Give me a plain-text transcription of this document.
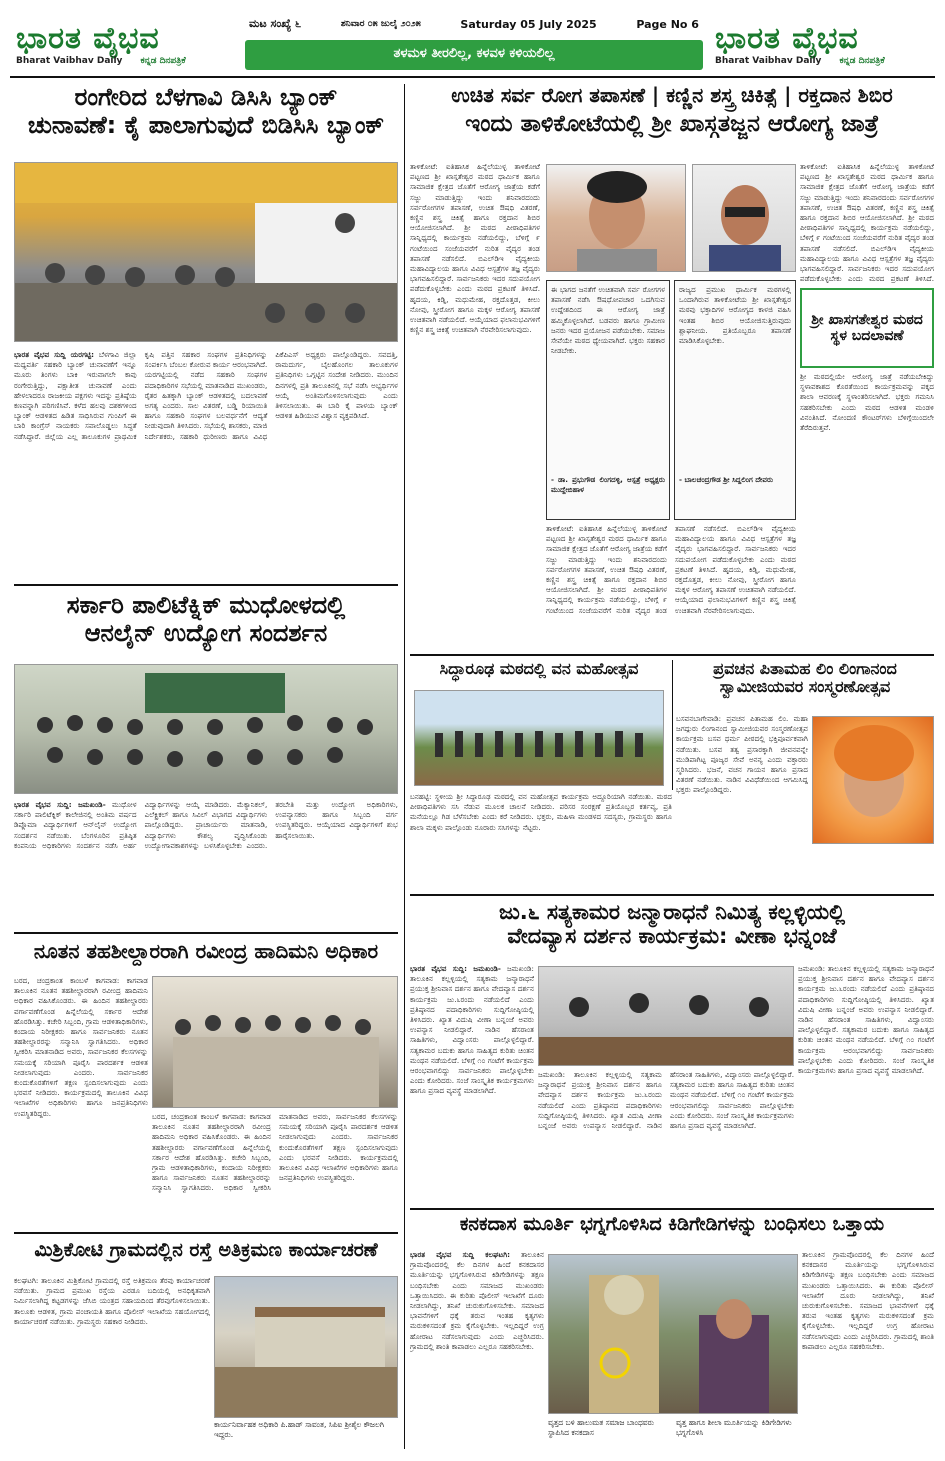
ಭಾರತ ವೈಭವ
Bharat Vaibhav Daily ಕನ್ನಡ ದಿನಪತ್ರಿಕೆ
ಮಟ ಸಂಖ್ಯೆ ೬	ಶನಿವಾರ ೦೫ ಜುಲೈ ೨೦೨೫	Saturday 05 July 2025	Page No 6
ತಳಮಳ ತೀರಲಿಲ್ಲ, ಕಳವಳ ಕಳಿಯಲಿಲ್ಲ	ಭಾರತ ವೈಭವ
Bharat Vaibhav Daily ಕನ್ನಡ ದಿನಪತ್ರಿಕೆ
ರಂಗೇರಿದ ಬೆಳಗಾವಿ ಡಿಸಿಸಿ ಬ್ಯಾಂಕ್
ಚುನಾವಣೆ: ಕೈ ಪಾಲಾಗುವುದೆ ಬಿಡಿಸಿಸಿ ಬ್ಯಾಂಕ್
ಭಾರತ ವೈಭವ ಸುದ್ದಿ ಯರಗಟ್ಟಿ: ಬೆಳಗಾವಿ ಜಿಲ್ಲಾ ಮಧ್ಯವರ್ತಿ ಸಹಕಾರಿ ಬ್ಯಾಂಕ್ ಚುನಾವಣೆಗೆ ಇನ್ನೂ ಮೂರು ತಿಂಗಳು ಬಾಕಿ ಇರುವಾಗಲೇ ಕಾವು ರಂಗೇರುತ್ತಿದ್ದು, ಪಕ್ಷಾತೀತ ಚುನಾವಣೆ ಎಂದು ಹೇಳಲಾದರೂ ರಾಜಕೀಯ ಪಕ್ಷಗಳು ಇದನ್ನು ಪ್ರತಿಷ್ಠೆಯ ಕಣವನ್ನಾಗಿ ಪರಿಗಣಿಸಿವೆ. ಕಳೆದ ಹಲವು ದಶಕಗಳಿಂದ ಬ್ಯಾಂಕ್ ಆಡಳಿತದ ಹಿಡಿತ ಸಾಧಿಸಿರುವ ಗುಂಪಿಗೆ ಈ ಬಾರಿ ಕಾಂಗ್ರೆಸ್ ನಾಯಕರು ಸವಾಲೊಡ್ಡಲು ಸಿದ್ಧತೆ ನಡೆಸಿದ್ದಾರೆ. ಜಿಲ್ಲೆಯ ಎಲ್ಲ ತಾಲೂಕುಗಳ ಪ್ರಾಥಮಿಕ ಕೃಷಿ ಪತ್ತಿನ ಸಹಕಾರ ಸಂಘಗಳ ಪ್ರತಿನಿಧಿಗಳನ್ನು ಸಂಪರ್ಕಿಸಿ ಬೆಂಬಲ ಕೋರುವ ಕಾರ್ಯ ಆರಂಭವಾಗಿದೆ. ಯರಗಟ್ಟಿಯಲ್ಲಿ ನಡೆದ ಸಹಕಾರಿ ಸಂಘಗಳ ಪದಾಧಿಕಾರಿಗಳ ಸಭೆಯಲ್ಲಿ ಮಾತನಾಡಿದ ಮುಖಂಡರು, ರೈತರ ಹಿತಕ್ಕಾಗಿ ಬ್ಯಾಂಕ್ ಆಡಳಿತದಲ್ಲಿ ಬದಲಾವಣೆ ಅಗತ್ಯ ಎಂದರು. ಸಾಲ ವಿತರಣೆ, ಬಡ್ಡಿ ರಿಯಾಯಿತಿ ಹಾಗೂ ಸಹಕಾರಿ ಸಂಘಗಳ ಬಲವರ್ಧನೆಗೆ ಆದ್ಯತೆ ನೀಡುವುದಾಗಿ ತಿಳಿಸಿದರು. ಸಭೆಯಲ್ಲಿ ಶಾಸಕರು, ಮಾಜಿ ನಿರ್ದೇಶಕರು, ಸಹಕಾರಿ ಧುರೀಣರು ಹಾಗೂ ವಿವಿಧ ಪಿಕೆಪಿಎಸ್ ಅಧ್ಯಕ್ಷರು ಪಾಲ್ಗೊಂಡಿದ್ದರು. ಸವದತ್ತಿ, ರಾಮದುರ್ಗ, ಬೈಲಹೊಂಗಲ ತಾಲೂಕುಗಳ ಪ್ರತಿನಿಧಿಗಳು ಒಗ್ಗಟ್ಟಿನ ಸಂದೇಶ ನೀಡಿದರು. ಮುಂದಿನ ದಿನಗಳಲ್ಲಿ ಪ್ರತಿ ತಾಲೂಕಿನಲ್ಲಿ ಸಭೆ ನಡೆಸಿ ಅಭ್ಯರ್ಥಿಗಳ ಆಯ್ಕೆ ಅಂತಿಮಗೊಳಿಸಲಾಗುವುದು ಎಂದು ತಿಳಿಸಲಾಯಿತು. ಈ ಬಾರಿ ಕೈ ಪಾಳಯ ಬ್ಯಾಂಕ್ ಆಡಳಿತ ಹಿಡಿಯುವ ವಿಶ್ವಾಸ ವ್ಯಕ್ತಪಡಿಸಿದೆ.
ಸರ್ಕಾರಿ ಪಾಲಿಟೆಕ್ನಿಕ್ ಮುಧೋಳದಲ್ಲಿ
ಆನಲೈನ್ ಉದ್ಯೋಗ ಸಂದರ್ಶನ
ಭಾರತ ವೈಭವ ಸುದ್ದಿ: ಜಮಖಂಡಿ- ಮುಧೋಳ ಸರ್ಕಾರಿ ಪಾಲಿಟೆಕ್ನಿಕ್ ಕಾಲೇಜಿನಲ್ಲಿ ಅಂತಿಮ ವರ್ಷದ ಡಿಪ್ಲೊಮಾ ವಿದ್ಯಾರ್ಥಿಗಳಿಗೆ ಆನ್‌ಲೈನ್ ಉದ್ಯೋಗ ಸಂದರ್ಶನ ನಡೆಯಿತು. ಬೆಂಗಳೂರಿನ ಪ್ರತಿಷ್ಠಿತ ಕಂಪನಿಯ ಅಧಿಕಾರಿಗಳು ಸಂದರ್ಶನ ನಡೆಸಿ ಅರ್ಹ ವಿದ್ಯಾರ್ಥಿಗಳನ್ನು ಆಯ್ಕೆ ಮಾಡಿದರು. ಮೆಕ್ಯಾನಿಕಲ್, ಎಲೆಕ್ಟ್ರಿಕಲ್ ಹಾಗೂ ಸಿವಿಲ್ ವಿಭಾಗದ ವಿದ್ಯಾರ್ಥಿಗಳು ಪಾಲ್ಗೊಂಡಿದ್ದರು. ಪ್ರಾಚಾರ್ಯರು ಮಾತನಾಡಿ, ವಿದ್ಯಾರ್ಥಿಗಳು ಕೌಶಲ್ಯ ವೃದ್ಧಿಸಿಕೊಂಡು ಉದ್ಯೋಗಾವಕಾಶಗಳನ್ನು ಬಳಸಿಕೊಳ್ಳಬೇಕು ಎಂದರು. ತರಬೇತಿ ಮತ್ತು ಉದ್ಯೋಗ ಅಧಿಕಾರಿಗಳು, ಉಪನ್ಯಾಸಕರು ಹಾಗೂ ಸಿಬ್ಬಂದಿ ವರ್ಗ ಉಪಸ್ಥಿತರಿದ್ದರು. ಆಯ್ಕೆಯಾದ ವಿದ್ಯಾರ್ಥಿಗಳಿಗೆ ಶುಭ ಹಾರೈಸಲಾಯಿತು.
ನೂತನ ತಹಶೀಲ್ದಾರರಾಗಿ ರವೀಂದ್ರ ಹಾದಿಮನಿ ಅಧಿಕಾರ
ಬರದ, ಚಂದ್ರಕಾಂತ ಕಾಂಬಳೆ ಕಾಗವಾಡ: ಕಾಗವಾಡ ತಾಲೂಕಿನ ನೂತನ ತಹಶೀಲ್ದಾರರಾಗಿ ರವೀಂದ್ರ ಹಾದಿಮನಿ ಅಧಿಕಾರ ವಹಿಸಿಕೊಂಡರು. ಈ ಹಿಂದಿನ ತಹಶೀಲ್ದಾರರು ವರ್ಗಾವಣೆಗೊಂಡ ಹಿನ್ನೆಲೆಯಲ್ಲಿ ಸರ್ಕಾರ ಆದೇಶ ಹೊರಡಿಸಿತ್ತು. ಕಚೇರಿ ಸಿಬ್ಬಂದಿ, ಗ್ರಾಮ ಆಡಳಿತಾಧಿಕಾರಿಗಳು, ಕಂದಾಯ ನಿರೀಕ್ಷಕರು ಹಾಗೂ ಸಾರ್ವಜನಿಕರು ನೂತನ ತಹಶೀಲ್ದಾರರನ್ನು ಸನ್ಮಾನಿಸಿ ಸ್ವಾಗತಿಸಿದರು. ಅಧಿಕಾರ ಸ್ವೀಕರಿಸಿ ಮಾತನಾಡಿದ ಅವರು, ಸಾರ್ವಜನಿಕರ ಕೆಲಸಗಳನ್ನು ಸಮಯಕ್ಕೆ ಸರಿಯಾಗಿ ಪೂರೈಸಿ ಪಾರದರ್ಶಕ ಆಡಳಿತ ನೀಡಲಾಗುವುದು ಎಂದರು. ಸಾರ್ವಜನಿಕರ ಕುಂದುಕೊರತೆಗಳಿಗೆ ತಕ್ಷಣ ಸ್ಪಂದಿಸಲಾಗುವುದು ಎಂದು ಭರವಸೆ ನೀಡಿದರು. ಕಾರ್ಯಕ್ರಮದಲ್ಲಿ ತಾಲೂಕಿನ ವಿವಿಧ ಇಲಾಖೆಗಳ ಅಧಿಕಾರಿಗಳು ಹಾಗೂ ಜನಪ್ರತಿನಿಧಿಗಳು ಉಪಸ್ಥಿತರಿದ್ದರು.	ಬರದ, ಚಂದ್ರಕಾಂತ ಕಾಂಬಳೆ ಕಾಗವಾಡ: ಕಾಗವಾಡ ತಾಲೂಕಿನ ನೂತನ ತಹಶೀಲ್ದಾರರಾಗಿ ರವೀಂದ್ರ ಹಾದಿಮನಿ ಅಧಿಕಾರ ವಹಿಸಿಕೊಂಡರು. ಈ ಹಿಂದಿನ ತಹಶೀಲ್ದಾರರು ವರ್ಗಾವಣೆಗೊಂಡ ಹಿನ್ನೆಲೆಯಲ್ಲಿ ಸರ್ಕಾರ ಆದೇಶ ಹೊರಡಿಸಿತ್ತು. ಕಚೇರಿ ಸಿಬ್ಬಂದಿ, ಗ್ರಾಮ ಆಡಳಿತಾಧಿಕಾರಿಗಳು, ಕಂದಾಯ ನಿರೀಕ್ಷಕರು ಹಾಗೂ ಸಾರ್ವಜನಿಕರು ನೂತನ ತಹಶೀಲ್ದಾರರನ್ನು ಸನ್ಮಾನಿಸಿ ಸ್ವಾಗತಿಸಿದರು. ಅಧಿಕಾರ ಸ್ವೀಕರಿಸಿ ಮಾತನಾಡಿದ ಅವರು, ಸಾರ್ವಜನಿಕರ ಕೆಲಸಗಳನ್ನು ಸಮಯಕ್ಕೆ ಸರಿಯಾಗಿ ಪೂರೈಸಿ ಪಾರದರ್ಶಕ ಆಡಳಿತ ನೀಡಲಾಗುವುದು ಎಂದರು. ಸಾರ್ವಜನಿಕರ ಕುಂದುಕೊರತೆಗಳಿಗೆ ತಕ್ಷಣ ಸ್ಪಂದಿಸಲಾಗುವುದು ಎಂದು ಭರವಸೆ ನೀಡಿದರು. ಕಾರ್ಯಕ್ರಮದಲ್ಲಿ ತಾಲೂಕಿನ ವಿವಿಧ ಇಲಾಖೆಗಳ ಅಧಿಕಾರಿಗಳು ಹಾಗೂ ಜನಪ್ರತಿನಿಧಿಗಳು ಉಪಸ್ಥಿತರಿದ್ದರು.
ಮಿಶ್ರಿಕೋಟಿ ಗ್ರಾಮದಲ್ಲಿನ ರಸ್ತೆ ಅತಿಕ್ರಮಣ ಕಾರ್ಯಾಚರಣೆ
ಕಲಘಟಗಿ: ತಾಲೂಕಿನ ಮಿಶ್ರಿಕೋಟಿ ಗ್ರಾಮದಲ್ಲಿ ರಸ್ತೆ ಅತಿಕ್ರಮಣ ತೆರವು ಕಾರ್ಯಾಚರಣೆ ನಡೆಯಿತು. ಗ್ರಾಮದ ಪ್ರಮುಖ ರಸ್ತೆಯ ಎರಡೂ ಬದಿಯಲ್ಲಿ ಅನಧಿಕೃತವಾಗಿ ನಿರ್ಮಿಸಲಾಗಿದ್ದ ಕಟ್ಟಡಗಳನ್ನು ಜೆಸಿಬಿ ಯಂತ್ರದ ಸಹಾಯದಿಂದ ತೆರವುಗೊಳಿಸಲಾಯಿತು. ತಾಲೂಕು ಆಡಳಿತ, ಗ್ರಾಮ ಪಂಚಾಯತಿ ಹಾಗೂ ಪೊಲೀಸ್ ಇಲಾಖೆಯ ಸಹಯೋಗದಲ್ಲಿ ಕಾರ್ಯಾಚರಣೆ ನಡೆಯಿತು. ಗ್ರಾಮಸ್ಥರು ಸಹಕಾರ ನೀಡಿದರು.
ಕಾರ್ಯನಿರ್ವಾಹಕ ಅಧಿಕಾರಿ ಪಿ.ಹಾಡ್ ಸಾವಂತ, ಸಿಪಿಐ ಶ್ರೀಶೈಲ ಕೌಜಲಗಿ ಇದ್ದರು.
ಉಚಿತ ಸರ್ವ ರೋಗ ತಪಾಸಣೆ | ಕಣ್ಣಿನ ಶಸ್ತ್ರ ಚಿಕಿತ್ಸೆ | ರಕ್ತದಾನ ಶಿಬಿರ
ಇಂದು ತಾಳಿಕೋಟೆಯಲ್ಲಿ ಶ್ರೀ ಖಾಸ್ಗತಜ್ಜನ ಆರೋಗ್ಯ ಜಾತ್ರೆ
ತಾಳಿಕೋಟೆ: ಐತಿಹಾಸಿಕ ಹಿನ್ನೆಲೆಯುಳ್ಳ ತಾಳಿಕೋಟೆ ಪಟ್ಟಣದ ಶ್ರೀ ಖಾಸ್ಗತೇಶ್ವರ ಮಠದ ಧಾರ್ಮಿಕ ಹಾಗೂ ಸಾಮಾಜಿಕ ಕ್ಷೇತ್ರದ ಜೊತೆಗೆ ಆರೋಗ್ಯ ಜಾತ್ರೆಯ ಕಡೆಗೆ ಸಜ್ಜು ಮಾಡುತ್ತಿದ್ದು ಇಂದು ಶನಿವಾರದಂದು ಸರ್ವರೋಗಗಳ ತಪಾಸಣೆ, ಉಚಿತ ಔಷಧಿ ವಿತರಣೆ, ಕಣ್ಣಿನ ಶಸ್ತ್ರ ಚಿಕಿತ್ಸೆ ಹಾಗೂ ರಕ್ತದಾನ ಶಿಬಿರ ಆಯೋಜಿಸಲಾಗಿದೆ. ಶ್ರೀ ಮಠದ ಪೀಠಾಧಿಪತಿಗಳ ಸಾನ್ನಿಧ್ಯದಲ್ಲಿ ಕಾರ್ಯಕ್ರಮ ನಡೆಯಲಿದ್ದು, ಬೆಳಿಗ್ಗೆ ೯ ಗಂಟೆಯಿಂದ ಸಂಜೆಯವರೆಗೆ ನುರಿತ ವೈದ್ಯರ ತಂಡ ತಪಾಸಣೆ ನಡೆಸಲಿದೆ. ಬಿಎಲ್‌ಡಿಇ ವೈದ್ಯಕೀಯ ಮಹಾವಿದ್ಯಾಲಯ ಹಾಗೂ ವಿವಿಧ ಆಸ್ಪತ್ರೆಗಳ ತಜ್ಞ ವೈದ್ಯರು ಭಾಗವಹಿಸಲಿದ್ದಾರೆ. ಸಾರ್ವಜನಿಕರು ಇದರ ಸದುಪಯೋಗ ಪಡೆದುಕೊಳ್ಳಬೇಕು ಎಂದು ಮಠದ ಪ್ರಕಟಣೆ ತಿಳಿಸಿದೆ. ಹೃದಯ, ಕಿಡ್ನಿ, ಮಧುಮೇಹ, ರಕ್ತದೊತ್ತಡ, ಕೀಲು ನೋವು, ಸ್ತ್ರೀರೋಗ ಹಾಗೂ ಮಕ್ಕಳ ಆರೋಗ್ಯ ತಪಾಸಣೆ ಉಚಿತವಾಗಿ ನಡೆಯಲಿದೆ. ಆಯ್ಕೆಯಾದ ಫಲಾನುಭವಿಗಳಿಗೆ ಕಣ್ಣಿನ ಶಸ್ತ್ರ ಚಿಕಿತ್ಸೆ ಉಚಿತವಾಗಿ ನೆರವೇರಿಸಲಾಗುವುದು.
ತಾಳಿಕೋಟೆ: ಐತಿಹಾಸಿಕ ಹಿನ್ನೆಲೆಯುಳ್ಳ ತಾಳಿಕೋಟೆ ಪಟ್ಟಣದ ಶ್ರೀ ಖಾಸ್ಗತೇಶ್ವರ ಮಠದ ಧಾರ್ಮಿಕ ಹಾಗೂ ಸಾಮಾಜಿಕ ಕ್ಷೇತ್ರದ ಜೊತೆಗೆ ಆರೋಗ್ಯ ಜಾತ್ರೆಯ ಕಡೆಗೆ ಸಜ್ಜು ಮಾಡುತ್ತಿದ್ದು ಇಂದು ಶನಿವಾರದಂದು ಸರ್ವರೋಗಗಳ ತಪಾಸಣೆ, ಉಚಿತ ಔಷಧಿ ವಿತರಣೆ, ಕಣ್ಣಿನ ಶಸ್ತ್ರ ಚಿಕಿತ್ಸೆ ಹಾಗೂ ರಕ್ತದಾನ ಶಿಬಿರ ಆಯೋಜಿಸಲಾಗಿದೆ. ಶ್ರೀ ಮಠದ ಪೀಠಾಧಿಪತಿಗಳ ಸಾನ್ನಿಧ್ಯದಲ್ಲಿ ಕಾರ್ಯಕ್ರಮ ನಡೆಯಲಿದ್ದು, ಬೆಳಿಗ್ಗೆ ೯ ಗಂಟೆಯಿಂದ ಸಂಜೆಯವರೆಗೆ ನುರಿತ ವೈದ್ಯರ ತಂಡ ತಪಾಸಣೆ ನಡೆಸಲಿದೆ. ಬಿಎಲ್‌ಡಿಇ ವೈದ್ಯಕೀಯ ಮಹಾವಿದ್ಯಾಲಯ ಹಾಗೂ ವಿವಿಧ ಆಸ್ಪತ್ರೆಗಳ ತಜ್ಞ ವೈದ್ಯರು ಭಾಗವಹಿಸಲಿದ್ದಾರೆ. ಸಾರ್ವಜನಿಕರು ಇದರ ಸದುಪಯೋಗ ಪಡೆದುಕೊಳ್ಳಬೇಕು ಎಂದು ಮಠದ ಪ್ರಕಟಣೆ ತಿಳಿಸಿದೆ.
ಈ ಭಾಗದ ಜನತೆಗೆ ಉಚಿತವಾಗಿ ಸರ್ವ ರೋಗಗಳ ತಪಾಸಣೆ ನಡೆಸಿ ಔಷಧೋಪಚಾರ ಒದಗಿಸುವ ಉದ್ದೇಶದಿಂದ ಈ ಆರೋಗ್ಯ ಜಾತ್ರೆ ಹಮ್ಮಿಕೊಳ್ಳಲಾಗಿದೆ. ಬಡವರು ಹಾಗೂ ಗ್ರಾಮೀಣ ಜನರು ಇದರ ಪ್ರಯೋಜನ ಪಡೆಯಬೇಕು. ಸಮಾಜ ಸೇವೆಯೇ ಮಠದ ಧ್ಯೇಯವಾಗಿದೆ. ಭಕ್ತರು ಸಹಕಾರ ನೀಡಬೇಕು.
- ಡಾ. ಪ್ರಭುಗೌಡ ಲಿಂಗದಳ್ಳಿ, ಆಸ್ಪತ್ರೆ ಅಧ್ಯಕ್ಷರು ಮುದ್ದೇಬಿಹಾಳ
ರಾಜ್ಯದ ಪ್ರಮುಖ ಧಾರ್ಮಿಕ ಮಠಗಳಲ್ಲಿ ಒಂದಾಗಿರುವ ತಾಳಿಕೋಟೆಯ ಶ್ರೀ ಖಾಸ್ಗತೇಶ್ವರ ಮಠವು ಭಕ್ತಾದಿಗಳ ಆರೋಗ್ಯದ ಕಾಳಜಿ ವಹಿಸಿ ಇಂತಹ ಶಿಬಿರ ಆಯೋಜಿಸುತ್ತಿರುವುದು ಶ್ಲಾಘನೀಯ. ಪ್ರತಿಯೊಬ್ಬರೂ ತಪಾಸಣೆ ಮಾಡಿಸಿಕೊಳ್ಳಬೇಕು.
- ಬಾಲಚಂದ್ರಗೌಡ ಶ್ರೀ ಸಿದ್ದಲಿಂಗ ದೇವರು
ಶ್ರೀ ಖಾಸಗತೇಶ್ವರ ಮಠದ ಸ್ಥಳ ಬದಲಾವಣೆ
ಶ್ರೀ ಮಠದಲ್ಲಿಯೇ ಆರೋಗ್ಯ ಜಾತ್ರೆ ನಡೆಯಬೇಕಿದ್ದು ಸ್ಥಳಾವಕಾಶದ ಕೊರತೆಯಿಂದ ಕಾರ್ಯಕ್ರಮವನ್ನು ಪಕ್ಕದ ಶಾಲಾ ಆವರಣಕ್ಕೆ ಸ್ಥಳಾಂತರಿಸಲಾಗಿದೆ. ಭಕ್ತರು ಗಮನಿಸಿ ಸಹಕರಿಸಬೇಕು ಎಂದು ಮಠದ ಆಡಳಿತ ಮಂಡಳಿ ವಿನಂತಿಸಿದೆ. ನೋಂದಣಿ ಕೌಂಟರ್‌ಗಳು ಬೆಳಿಗ್ಗೆಯಿಂದಲೇ ತೆರೆದಿರುತ್ತವೆ.
ತಾಳಿಕೋಟೆ: ಐತಿಹಾಸಿಕ ಹಿನ್ನೆಲೆಯುಳ್ಳ ತಾಳಿಕೋಟೆ ಪಟ್ಟಣದ ಶ್ರೀ ಖಾಸ್ಗತೇಶ್ವರ ಮಠದ ಧಾರ್ಮಿಕ ಹಾಗೂ ಸಾಮಾಜಿಕ ಕ್ಷೇತ್ರದ ಜೊತೆಗೆ ಆರೋಗ್ಯ ಜಾತ್ರೆಯ ಕಡೆಗೆ ಸಜ್ಜು ಮಾಡುತ್ತಿದ್ದು ಇಂದು ಶನಿವಾರದಂದು ಸರ್ವರೋಗಗಳ ತಪಾಸಣೆ, ಉಚಿತ ಔಷಧಿ ವಿತರಣೆ, ಕಣ್ಣಿನ ಶಸ್ತ್ರ ಚಿಕಿತ್ಸೆ ಹಾಗೂ ರಕ್ತದಾನ ಶಿಬಿರ ಆಯೋಜಿಸಲಾಗಿದೆ. ಶ್ರೀ ಮಠದ ಪೀಠಾಧಿಪತಿಗಳ ಸಾನ್ನಿಧ್ಯದಲ್ಲಿ ಕಾರ್ಯಕ್ರಮ ನಡೆಯಲಿದ್ದು, ಬೆಳಿಗ್ಗೆ ೯ ಗಂಟೆಯಿಂದ ಸಂಜೆಯವರೆಗೆ ನುರಿತ ವೈದ್ಯರ ತಂಡ ತಪಾಸಣೆ ನಡೆಸಲಿದೆ. ಬಿಎಲ್‌ಡಿಇ ವೈದ್ಯಕೀಯ ಮಹಾವಿದ್ಯಾಲಯ ಹಾಗೂ ವಿವಿಧ ಆಸ್ಪತ್ರೆಗಳ ತಜ್ಞ ವೈದ್ಯರು ಭಾಗವಹಿಸಲಿದ್ದಾರೆ. ಸಾರ್ವಜನಿಕರು ಇದರ ಸದುಪಯೋಗ ಪಡೆದುಕೊಳ್ಳಬೇಕು ಎಂದು ಮಠದ ಪ್ರಕಟಣೆ ತಿಳಿಸಿದೆ. ಹೃದಯ, ಕಿಡ್ನಿ, ಮಧುಮೇಹ, ರಕ್ತದೊತ್ತಡ, ಕೀಲು ನೋವು, ಸ್ತ್ರೀರೋಗ ಹಾಗೂ ಮಕ್ಕಳ ಆರೋಗ್ಯ ತಪಾಸಣೆ ಉಚಿತವಾಗಿ ನಡೆಯಲಿದೆ. ಆಯ್ಕೆಯಾದ ಫಲಾನುಭವಿಗಳಿಗೆ ಕಣ್ಣಿನ ಶಸ್ತ್ರ ಚಿಕಿತ್ಸೆ ಉಚಿತವಾಗಿ ನೆರವೇರಿಸಲಾಗುವುದು.
ಸಿದ್ಧಾರೂಢ ಮಠದಲ್ಲಿ ವನ ಮಹೋತ್ಸವ	ಪ್ರವಚನ ಪಿತಾಮಹ ಲಿಂ ಲಿಂಗಾನಂದ
ಸ್ವಾಮೀಜಿಯವರ ಸಂಸ್ಮರಣೋತ್ಸವ
ಬಸವನಬಾಗೇವಾಡಿ: ಪ್ರವಚನ ಪಿತಾಮಹ ಲಿಂ. ಮಹಾ ಜಗದ್ಗುರು ಲಿಂಗಾನಂದ ಸ್ವಾಮೀಜಿಯವರ ಸಂಸ್ಮರಣೋತ್ಸವ ಕಾರ್ಯಕ್ರಮ ಬಸವ ಧರ್ಮ ಪೀಠದಲ್ಲಿ ಭಕ್ತಿಪೂರ್ವಕವಾಗಿ ನಡೆಯಿತು. ಬಸವ ತತ್ವ ಪ್ರಸಾರಕ್ಕಾಗಿ ಜೀವನವನ್ನೇ ಮುಡಿಪಾಗಿಟ್ಟ ಪೂಜ್ಯರ ಸೇವೆ ಅನನ್ಯ ಎಂದು ವಕ್ತಾರರು ಸ್ಮರಿಸಿದರು. ಭಜನೆ, ವಚನ ಗಾಯನ ಹಾಗೂ ಪ್ರಸಾದ ವಿತರಣೆ ನಡೆಯಿತು. ನಾಡಿನ ವಿವಿಧೆಡೆಯಿಂದ ಆಗಮಿಸಿದ್ದ ಭಕ್ತರು ಪಾಲ್ಗೊಂಡಿದ್ದರು.
ಬನಹಟ್ಟಿ: ಸ್ಥಳೀಯ ಶ್ರೀ ಸಿದ್ಧಾರೂಢ ಮಠದಲ್ಲಿ ವನ ಮಹೋತ್ಸವ ಕಾರ್ಯಕ್ರಮ ಅದ್ದೂರಿಯಾಗಿ ನಡೆಯಿತು. ಮಠದ ಪೀಠಾಧಿಪತಿಗಳು ಸಸಿ ನೆಡುವ ಮೂಲಕ ಚಾಲನೆ ನೀಡಿದರು. ಪರಿಸರ ಸಂರಕ್ಷಣೆ ಪ್ರತಿಯೊಬ್ಬರ ಕರ್ತವ್ಯ, ಪ್ರತಿ ಮನೆಯಲ್ಲೂ ಗಿಡ ಬೆಳೆಸಬೇಕು ಎಂದು ಕರೆ ನೀಡಿದರು. ಭಕ್ತರು, ಮಹಿಳಾ ಮಂಡಳದ ಸದಸ್ಯರು, ಗ್ರಾಮಸ್ಥರು ಹಾಗೂ ಶಾಲಾ ಮಕ್ಕಳು ಪಾಲ್ಗೊಂಡು ನೂರಾರು ಸಸಿಗಳನ್ನು ನೆಟ್ಟರು.
ಜು.೬ ಸತ್ಯಕಾಮರ ಜನ್ಮಾರಾಧನೆ ನಿಮಿತ್ಯ ಕಲ್ಲಳ್ಳಿಯಲ್ಲಿ
ವೇದವ್ಯಾಸ ದರ್ಶನ ಕಾರ್ಯಕ್ರಮ: ವೀಣಾ ಭನ್ನಂಜೆ
ಭಾರತ ವೈಭವ ಸುದ್ದಿ: ಜಮಖಂಡಿ- ಜಮಖಂಡಿ: ತಾಲೂಕಿನ ಕಲ್ಲಳ್ಳಿಯಲ್ಲಿ ಸತ್ಯಕಾಮ ಜನ್ಮಾರಾಧನೆ ಪ್ರಯುಕ್ತ ಶ್ರೀನಿವಾಸ ದರ್ಶನ ಹಾಗೂ ವೇದವ್ಯಾಸ ದರ್ಶನ ಕಾರ್ಯಕ್ರಮ ಜು.೬ರಂದು ನಡೆಯಲಿದೆ ಎಂದು ಪ್ರತಿಷ್ಠಾನದ ಪದಾಧಿಕಾರಿಗಳು ಸುದ್ದಿಗೋಷ್ಠಿಯಲ್ಲಿ ತಿಳಿಸಿದರು. ಖ್ಯಾತ ವಿದುಷಿ ವೀಣಾ ಬನ್ನಂಜೆ ಅವರು ಉಪನ್ಯಾಸ ನೀಡಲಿದ್ದಾರೆ. ನಾಡಿನ ಹೆಸರಾಂತ ಸಾಹಿತಿಗಳು, ವಿದ್ವಾಂಸರು ಪಾಲ್ಗೊಳ್ಳಲಿದ್ದಾರೆ. ಸತ್ಯಕಾಮರ ಬದುಕು ಹಾಗೂ ಸಾಹಿತ್ಯದ ಕುರಿತು ಚಿಂತನ ಮಂಥನ ನಡೆಯಲಿದೆ. ಬೆಳಿಗ್ಗೆ ೧೦ ಗಂಟೆಗೆ ಕಾರ್ಯಕ್ರಮ ಆರಂಭವಾಗಲಿದ್ದು ಸಾರ್ವಜನಿಕರು ಪಾಲ್ಗೊಳ್ಳಬೇಕು ಎಂದು ಕೋರಿದರು. ಸಂಜೆ ಸಾಂಸ್ಕೃತಿಕ ಕಾರ್ಯಕ್ರಮಗಳು ಹಾಗೂ ಪ್ರಸಾದ ವ್ಯವಸ್ಥೆ ಮಾಡಲಾಗಿದೆ.
ಜಮಖಂಡಿ: ತಾಲೂಕಿನ ಕಲ್ಲಳ್ಳಿಯಲ್ಲಿ ಸತ್ಯಕಾಮ ಜನ್ಮಾರಾಧನೆ ಪ್ರಯುಕ್ತ ಶ್ರೀನಿವಾಸ ದರ್ಶನ ಹಾಗೂ ವೇದವ್ಯಾಸ ದರ್ಶನ ಕಾರ್ಯಕ್ರಮ ಜು.೬ರಂದು ನಡೆಯಲಿದೆ ಎಂದು ಪ್ರತಿಷ್ಠಾನದ ಪದಾಧಿಕಾರಿಗಳು ಸುದ್ದಿಗೋಷ್ಠಿಯಲ್ಲಿ ತಿಳಿಸಿದರು. ಖ್ಯಾತ ವಿದುಷಿ ವೀಣಾ ಬನ್ನಂಜೆ ಅವರು ಉಪನ್ಯಾಸ ನೀಡಲಿದ್ದಾರೆ. ನಾಡಿನ ಹೆಸರಾಂತ ಸಾಹಿತಿಗಳು, ವಿದ್ವಾಂಸರು ಪಾಲ್ಗೊಳ್ಳಲಿದ್ದಾರೆ. ಸತ್ಯಕಾಮರ ಬದುಕು ಹಾಗೂ ಸಾಹಿತ್ಯದ ಕುರಿತು ಚಿಂತನ ಮಂಥನ ನಡೆಯಲಿದೆ. ಬೆಳಿಗ್ಗೆ ೧೦ ಗಂಟೆಗೆ ಕಾರ್ಯಕ್ರಮ ಆರಂಭವಾಗಲಿದ್ದು ಸಾರ್ವಜನಿಕರು ಪಾಲ್ಗೊಳ್ಳಬೇಕು ಎಂದು ಕೋರಿದರು. ಸಂಜೆ ಸಾಂಸ್ಕೃತಿಕ ಕಾರ್ಯಕ್ರಮಗಳು ಹಾಗೂ ಪ್ರಸಾದ ವ್ಯವಸ್ಥೆ ಮಾಡಲಾಗಿದೆ.
ಜಮಖಂಡಿ: ತಾಲೂಕಿನ ಕಲ್ಲಳ್ಳಿಯಲ್ಲಿ ಸತ್ಯಕಾಮ ಜನ್ಮಾರಾಧನೆ ಪ್ರಯುಕ್ತ ಶ್ರೀನಿವಾಸ ದರ್ಶನ ಹಾಗೂ ವೇದವ್ಯಾಸ ದರ್ಶನ ಕಾರ್ಯಕ್ರಮ ಜು.೬ರಂದು ನಡೆಯಲಿದೆ ಎಂದು ಪ್ರತಿಷ್ಠಾನದ ಪದಾಧಿಕಾರಿಗಳು ಸುದ್ದಿಗೋಷ್ಠಿಯಲ್ಲಿ ತಿಳಿಸಿದರು. ಖ್ಯಾತ ವಿದುಷಿ ವೀಣಾ ಬನ್ನಂಜೆ ಅವರು ಉಪನ್ಯಾಸ ನೀಡಲಿದ್ದಾರೆ. ನಾಡಿನ ಹೆಸರಾಂತ ಸಾಹಿತಿಗಳು, ವಿದ್ವಾಂಸರು ಪಾಲ್ಗೊಳ್ಳಲಿದ್ದಾರೆ. ಸತ್ಯಕಾಮರ ಬದುಕು ಹಾಗೂ ಸಾಹಿತ್ಯದ ಕುರಿತು ಚಿಂತನ ಮಂಥನ ನಡೆಯಲಿದೆ. ಬೆಳಿಗ್ಗೆ ೧೦ ಗಂಟೆಗೆ ಕಾರ್ಯಕ್ರಮ ಆರಂಭವಾಗಲಿದ್ದು ಸಾರ್ವಜನಿಕರು ಪಾಲ್ಗೊಳ್ಳಬೇಕು ಎಂದು ಕೋರಿದರು. ಸಂಜೆ ಸಾಂಸ್ಕೃತಿಕ ಕಾರ್ಯಕ್ರಮಗಳು ಹಾಗೂ ಪ್ರಸಾದ ವ್ಯವಸ್ಥೆ ಮಾಡಲಾಗಿದೆ.
ಕನಕದಾಸ ಮೂರ್ತಿ ಭಗ್ನಗೊಳಿಸಿದ ಕಿಡಿಗೇಡಿಗಳನ್ನು ಬಂಧಿಸಲು ಒತ್ತಾಯ
ಭಾರತ ವೈಭವ ಸುದ್ದಿ ಕಲಘಟಗಿ: ತಾಲೂಕಿನ ಗ್ರಾಮವೊಂದರಲ್ಲಿ ಕೆಲ ದಿನಗಳ ಹಿಂದೆ ಕನಕದಾಸರ ಮೂರ್ತಿಯನ್ನು ಭಗ್ನಗೊಳಿಸಿರುವ ಕಿಡಿಗೇಡಿಗಳನ್ನು ತಕ್ಷಣ ಬಂಧಿಸಬೇಕು ಎಂದು ಸಮಾಜದ ಮುಖಂಡರು ಒತ್ತಾಯಿಸಿದರು. ಈ ಕುರಿತು ಪೊಲೀಸ್ ಇಲಾಖೆಗೆ ದೂರು ನೀಡಲಾಗಿದ್ದು, ತನಿಖೆ ಚುರುಕುಗೊಳಿಸಬೇಕು. ಸಮಾಜದ ಭಾವನೆಗಳಿಗೆ ಧಕ್ಕೆ ತರುವ ಇಂತಹ ಕೃತ್ಯಗಳು ಮರುಕಳಿಸದಂತೆ ಕ್ರಮ ಕೈಗೊಳ್ಳಬೇಕು. ಇಲ್ಲದಿದ್ದರೆ ಉಗ್ರ ಹೋರಾಟ ನಡೆಸಲಾಗುವುದು ಎಂದು ಎಚ್ಚರಿಸಿದರು. ಗ್ರಾಮದಲ್ಲಿ ಶಾಂತಿ ಕಾಪಾಡಲು ಎಲ್ಲರೂ ಸಹಕರಿಸಬೇಕು.
ವೃತ್ತದ ಬಳಿ ಹಾಲುಮತ ಸಮಾಜ ಬಾಂಧವರು ಸ್ಥಾಪಿಸಿದ ಕನಕದಾಸ
ವೃತ್ತ ಹಾಗೂ ಶೀಲಾ ಮೂರ್ತಿಯನ್ನು ಕಿಡಿಗೇಡಿಗಳು ಭಗ್ನಗೊಳಿಸಿ
ತಾಲೂಕಿನ ಗ್ರಾಮವೊಂದರಲ್ಲಿ ಕೆಲ ದಿನಗಳ ಹಿಂದೆ ಕನಕದಾಸರ ಮೂರ್ತಿಯನ್ನು ಭಗ್ನಗೊಳಿಸಿರುವ ಕಿಡಿಗೇಡಿಗಳನ್ನು ತಕ್ಷಣ ಬಂಧಿಸಬೇಕು ಎಂದು ಸಮಾಜದ ಮುಖಂಡರು ಒತ್ತಾಯಿಸಿದರು. ಈ ಕುರಿತು ಪೊಲೀಸ್ ಇಲಾಖೆಗೆ ದೂರು ನೀಡಲಾಗಿದ್ದು, ತನಿಖೆ ಚುರುಕುಗೊಳಿಸಬೇಕು. ಸಮಾಜದ ಭಾವನೆಗಳಿಗೆ ಧಕ್ಕೆ ತರುವ ಇಂತಹ ಕೃತ್ಯಗಳು ಮರುಕಳಿಸದಂತೆ ಕ್ರಮ ಕೈಗೊಳ್ಳಬೇಕು. ಇಲ್ಲದಿದ್ದರೆ ಉಗ್ರ ಹೋರಾಟ ನಡೆಸಲಾಗುವುದು ಎಂದು ಎಚ್ಚರಿಸಿದರು. ಗ್ರಾಮದಲ್ಲಿ ಶಾಂತಿ ಕಾಪಾಡಲು ಎಲ್ಲರೂ ಸಹಕರಿಸಬೇಕು.
